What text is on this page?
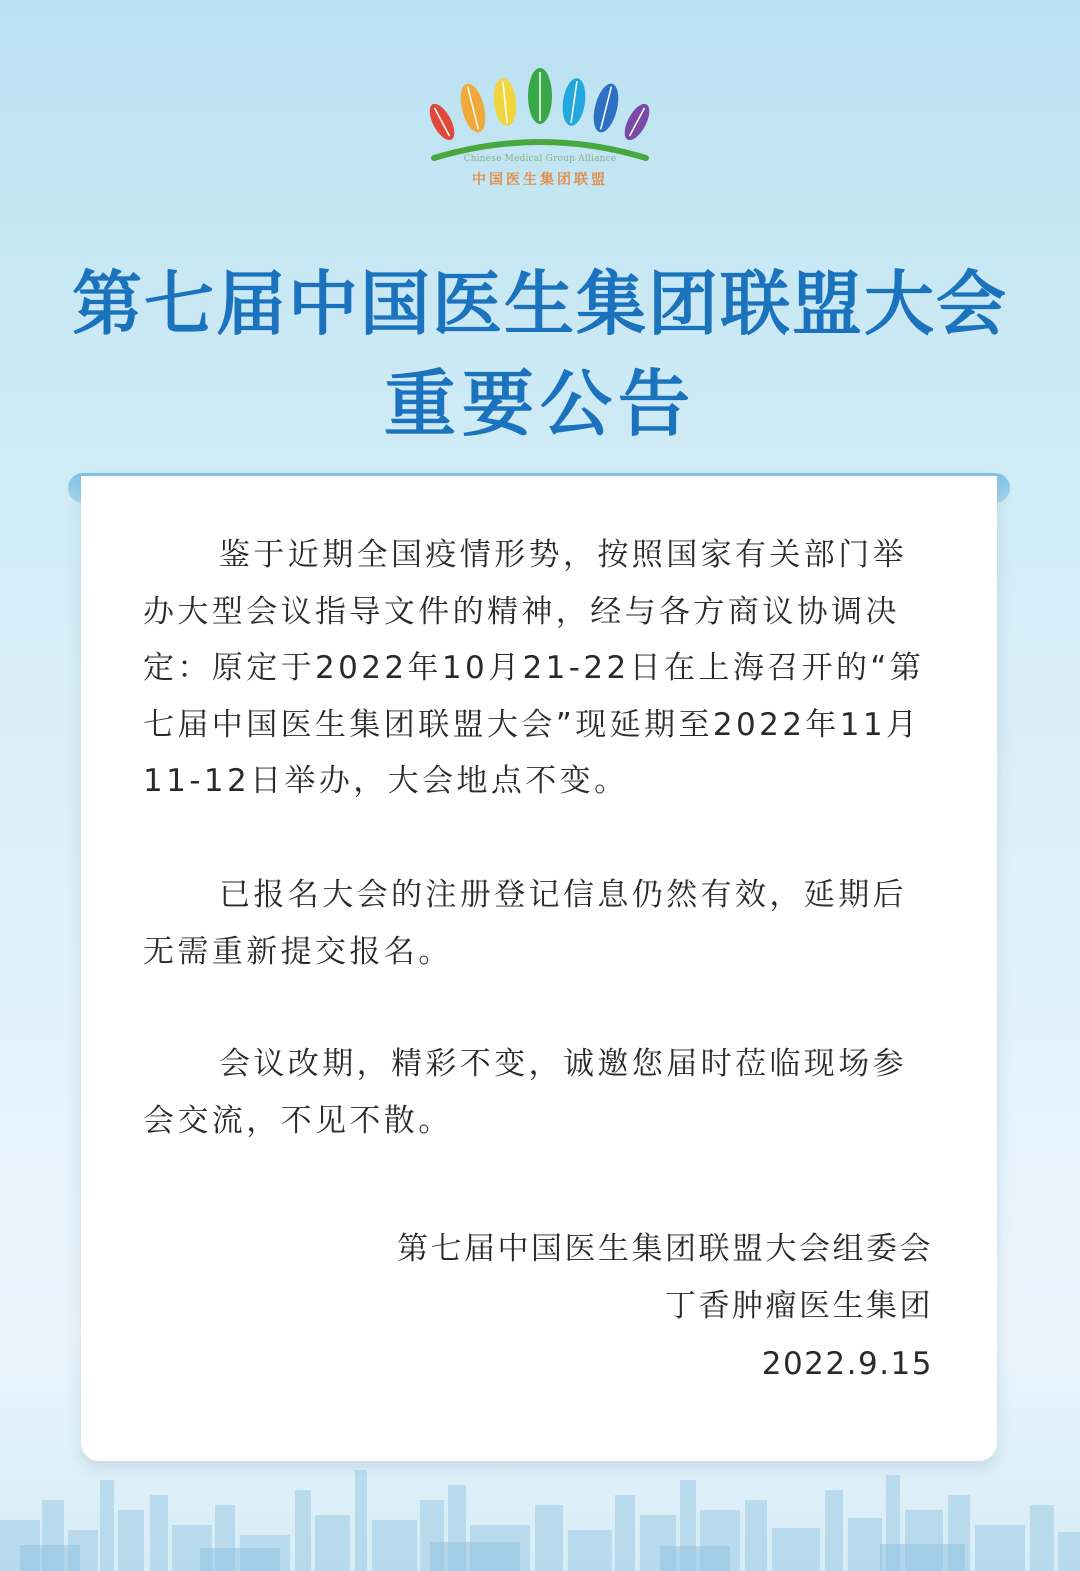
Chinese Medical Group Alliance
中国医生集团联盟
第七届中国医生集团联盟大会
重要公告
鉴于近期全国疫情形势，按照国家有关部门举办大型会议指导文件的精神，经与各方商议协调决定：原定于2022年10月21-22日在上海召开的“第七届中国医生集团联盟大会”现延期至2022年11月11-12日举办，大会地点不变。
已报名大会的注册登记信息仍然有效，延期后无需重新提交报名。
会议改期，精彩不变，诚邀您届时莅临现场参会交流，不见不散。
第七届中国医生集团联盟大会组委会
丁香肿瘤医生集团
2022.9.15
